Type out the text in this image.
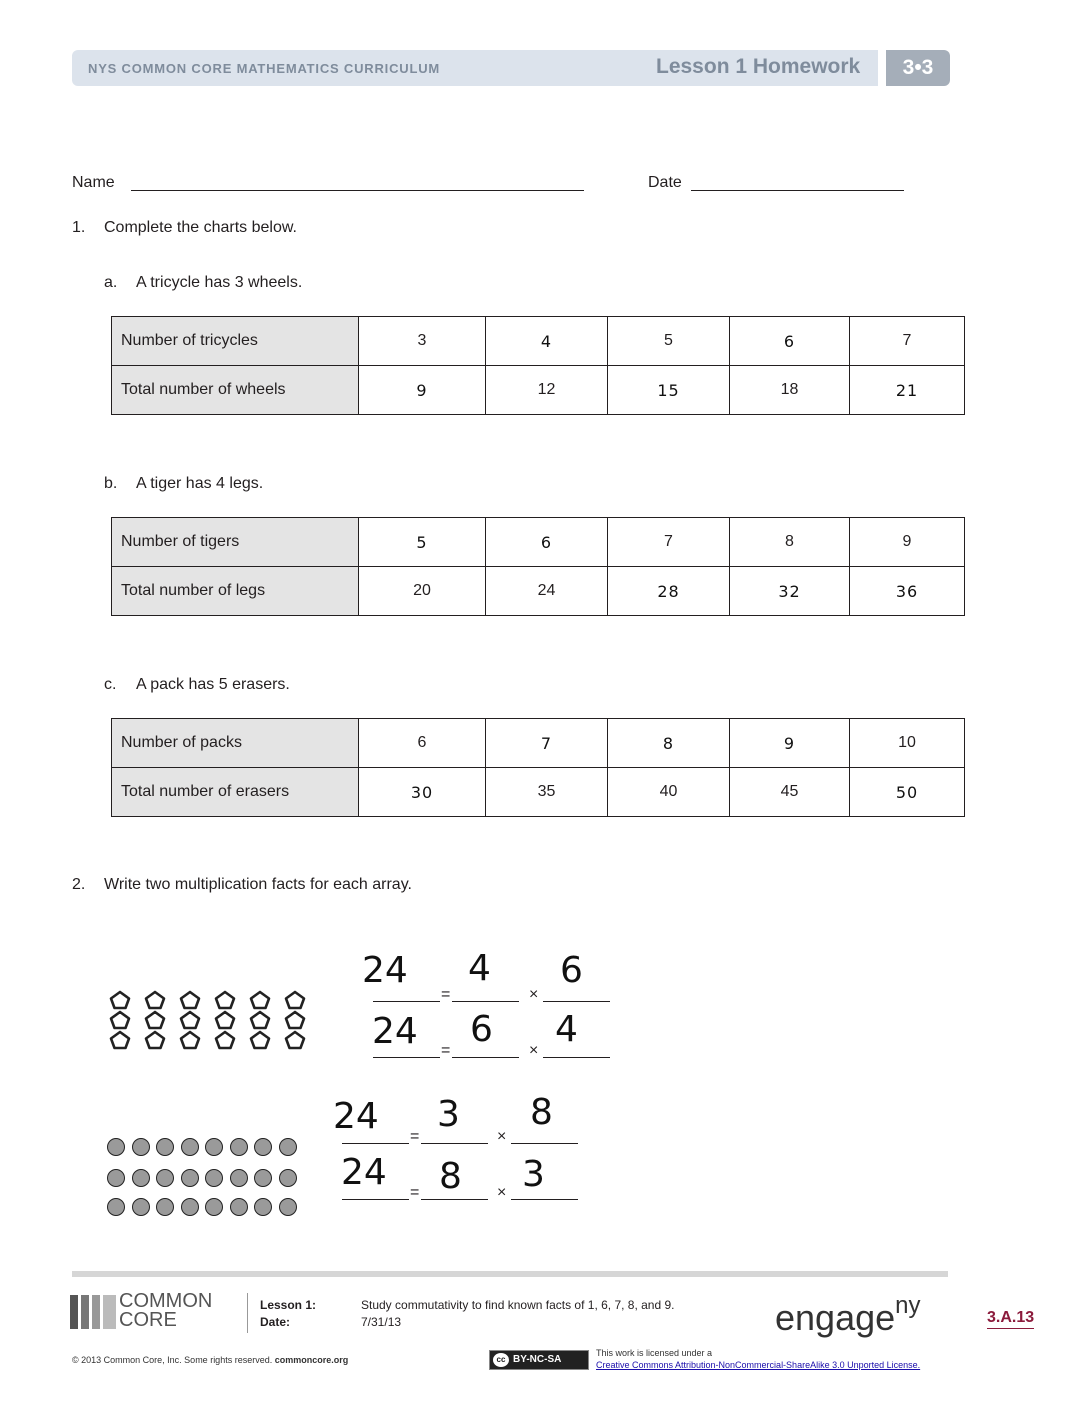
NYS COMMON CORE MATHEMATICS CURRICULUM	Lesson 1 Homework	3•3
Name	Date
1. Complete the charts below.
a. A tricycle has 3 wheels.
Number of tricycles	3	4	5	6	7
Total number of wheels	9	12	15	18	21
b. A tiger has 4 legs.
Number of tigers	5	6	7	8	9
Total number of legs	20	24	28	32	36
c. A pack has 5 erasers.
Number of packs	6	7	8	9	10
Total number of erasers	30	35	40	45	50
2. Write two multiplication facts for each array.
24
=
4
×
6
24 =
6
×
4
24 =
3
×
8
24 = 8 × 3
COMMON
CORE
Lesson 1:
Date:
Study commutativity to find known facts of 1, 6, 7, 8, and 9.
7/31/13	engage$^{ny}$	3.A.13
© 2013 Common Core, Inc. Some rights reserved. commoncore.org	cc BY-NC-SA
This work is licensed under a
Creative Commons Attribution-NonCommercial-ShareAlike 3.0 Unported License.
